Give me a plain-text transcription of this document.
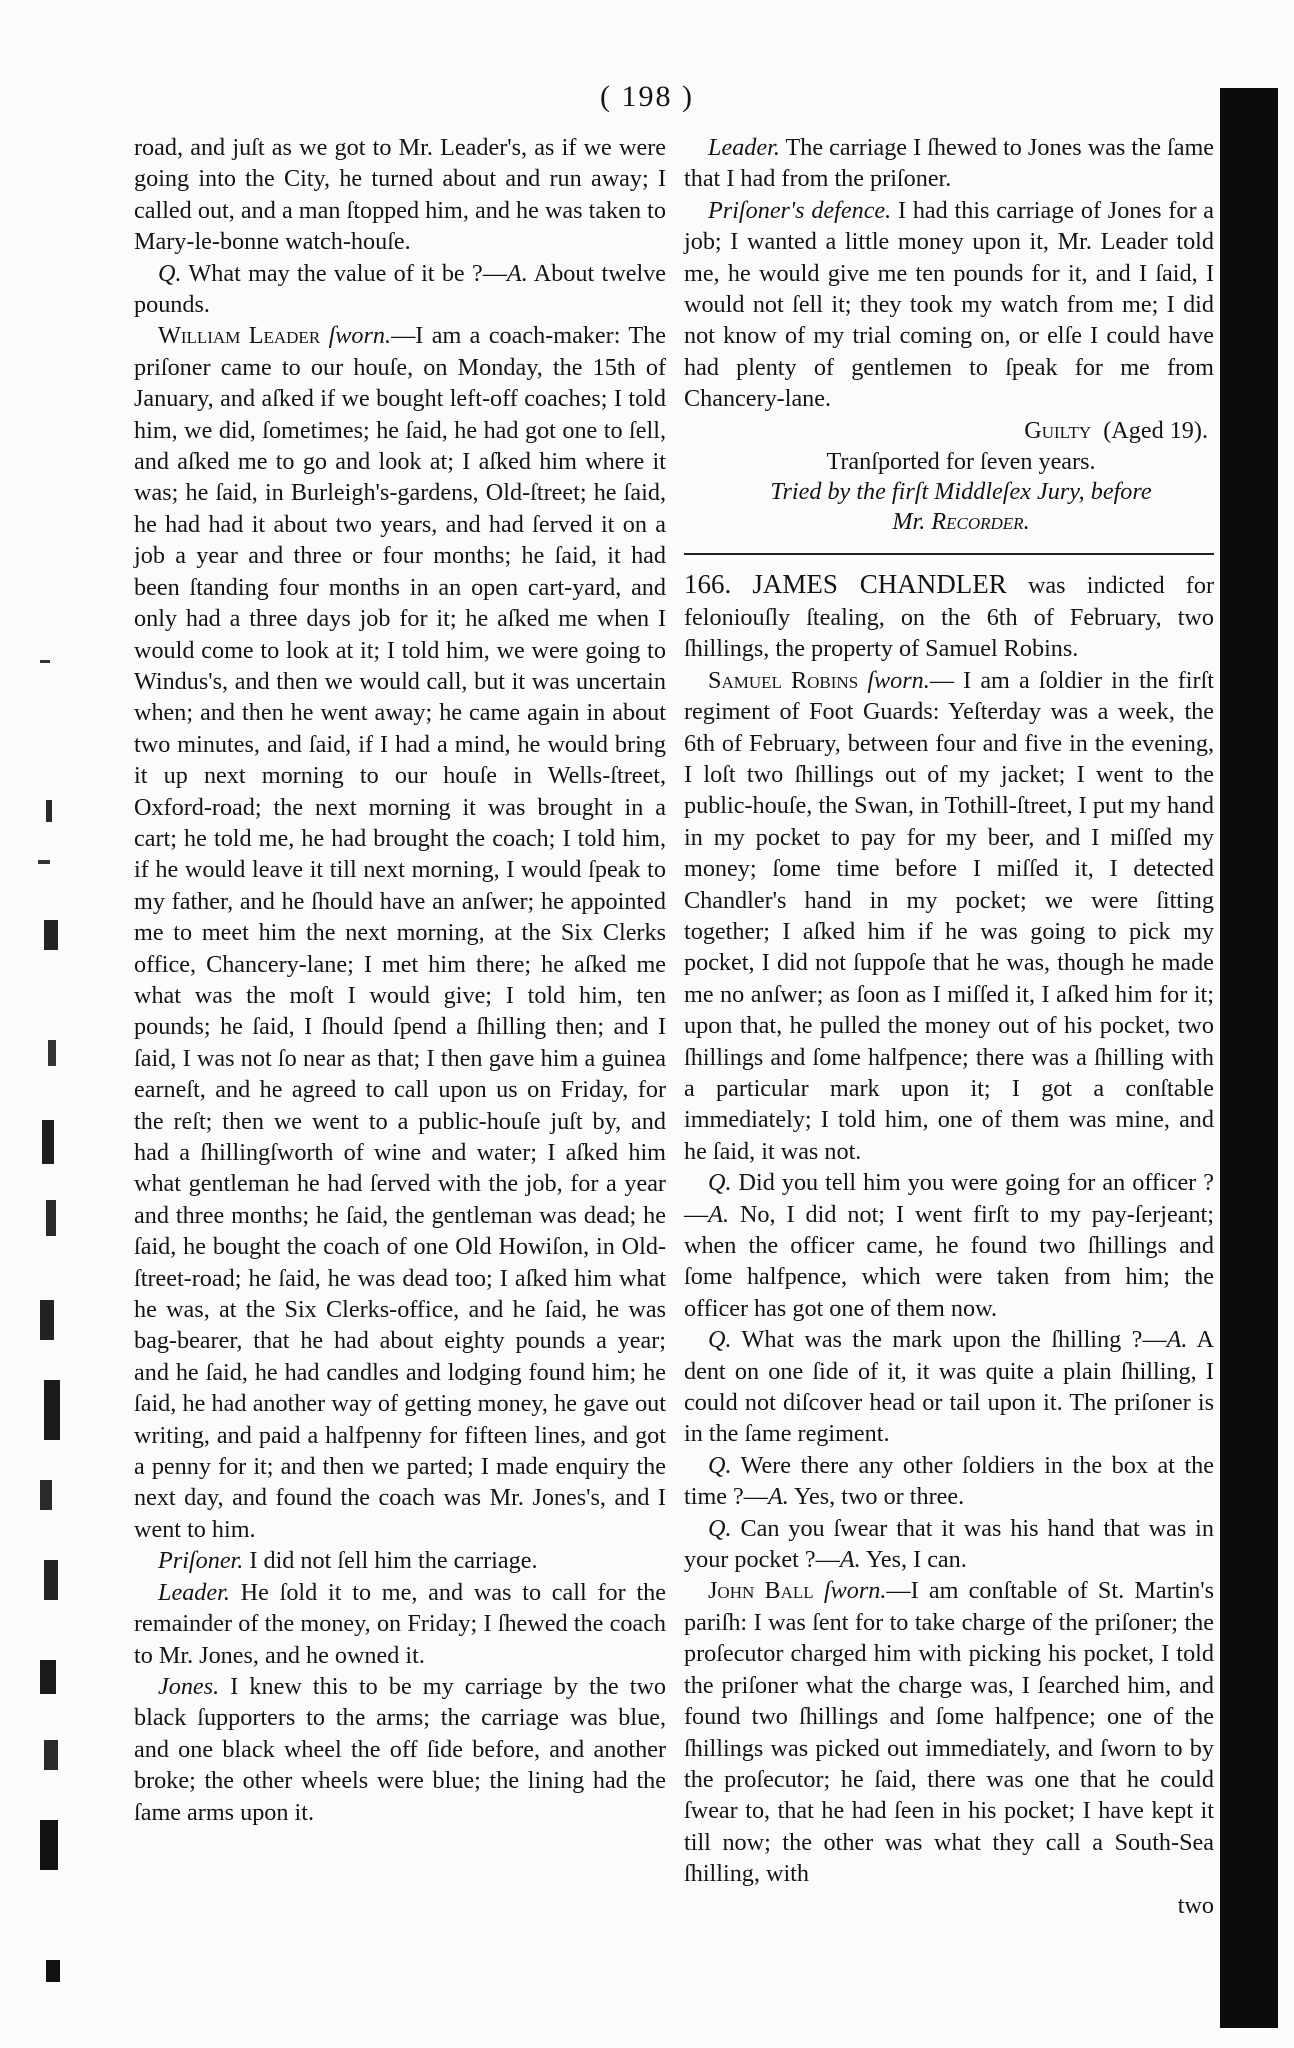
( 198 )

road, and juſt as we got to Mr. Leader's, as if we were going into the City, he turned about and run away; I called out, and a man ſtopped him, and he was taken to Mary-le-bonne watch-houſe.

Q. What may the value of it be ?—A. About twelve pounds.

William Leader ſworn.—I am a coach-maker: The priſoner came to our houſe, on Monday, the 15th of January, and aſked if we bought left-off coaches; I told him, we did, ſometimes; he ſaid, he had got one to ſell, and aſked me to go and look at; I aſked him where it was; he ſaid, in Burleigh's-gardens, Old-ſtreet; he ſaid, he had had it about two years, and had ſerved it on a job a year and three or four months; he ſaid, it had been ſtanding four months in an open cart-yard, and only had a three days job for it; he aſked me when I would come to look at it; I told him, we were going to Windus's, and then we would call, but it was uncertain when; and then he went away; he came again in about two minutes, and ſaid, if I had a mind, he would bring it up next morning to our houſe in Wells-ſtreet, Oxford-road; the next morning it was brought in a cart; he told me, he had brought the coach; I told him, if he would leave it till next morning, I would ſpeak to my father, and he ſhould have an anſwer; he appointed me to meet him the next morning, at the Six Clerks office, Chancery-lane; I met him there; he aſked me what was the moſt I would give; I told him, ten pounds; he ſaid, I ſhould ſpend a ſhilling then; and I ſaid, I was not ſo near as that; I then gave him a guinea earneſt, and he agreed to call upon us on Friday, for the reſt; then we went to a public-houſe juſt by, and had a ſhillingſworth of wine and water; I aſked him what gentleman he had ſerved with the job, for a year and three months; he ſaid, the gentleman was dead; he ſaid, he bought the coach of one Old Howiſon, in Old-ſtreet-road; he ſaid, he was dead too; I aſked him what he was, at the Six Clerks-office, and he ſaid, he was bag-bearer, that he had about eighty pounds a year; and he ſaid, he had candles and lodging found him; he ſaid, he had another way of getting money, he gave out writing, and paid a halfpenny for fifteen lines, and got a penny for it; and then we parted; I made enquiry the next day, and found the coach was Mr. Jones's, and I went to him.

Priſoner. I did not ſell him the carriage.

Leader. He ſold it to me, and was to call for the remainder of the money, on Friday; I ſhewed the coach to Mr. Jones, and he owned it.

Jones. I knew this to be my carriage by the two black ſupporters to the arms; the carriage was blue, and one black wheel the off ſide before, and another broke; the other wheels were blue; the lining had the ſame arms upon it.

Leader. The carriage I ſhewed to Jones was the ſame that I had from the priſoner.

Priſoner's defence. I had this carriage of Jones for a job; I wanted a little money upon it, Mr. Leader told me, he would give me ten pounds for it, and I ſaid, I would not ſell it; they took my watch from me; I did not know of my trial coming on, or elſe I could have had plenty of gentlemen to ſpeak for me from Chancery-lane.

Guilty (Aged 19).

Tranſported for ſeven years.

Tried by the firſt Middleſex Jury, before

Mr. Recorder.

166. JAMES CHANDLER was indicted for feloniouſly ſtealing, on the 6th of February, two ſhillings, the property of Samuel Robins.

Samuel Robins ſworn.— I am a ſoldier in the firſt regiment of Foot Guards: Yeſterday was a week, the 6th of February, between four and five in the evening, I loſt two ſhillings out of my jacket; I went to the public-houſe, the Swan, in Tothill-ſtreet, I put my hand in my pocket to pay for my beer, and I miſſed my money; ſome time before I miſſed it, I detected Chandler's hand in my pocket; we were ſitting together; I aſked him if he was going to pick my pocket, I did not ſuppoſe that he was, though he made me no anſwer; as ſoon as I miſſed it, I aſked him for it; upon that, he pulled the money out of his pocket, two ſhillings and ſome halfpence; there was a ſhilling with a particular mark upon it; I got a conſtable immediately; I told him, one of them was mine, and he ſaid, it was not.

Q. Did you tell him you were going for an officer ?—A. No, I did not; I went firſt to my pay-ſerjeant; when the officer came, he found two ſhillings and ſome halfpence, which were taken from him; the officer has got one of them now.

Q. What was the mark upon the ſhilling ?—A. A dent on one ſide of it, it was quite a plain ſhilling, I could not diſcover head or tail upon it. The priſoner is in the ſame regiment.

Q. Were there any other ſoldiers in the box at the time ?—A. Yes, two or three.

Q. Can you ſwear that it was his hand that was in your pocket ?—A. Yes, I can.

John Ball ſworn.—I am conſtable of St. Martin's pariſh: I was ſent for to take charge of the priſoner; the proſecutor charged him with picking his pocket, I told the priſoner what the charge was, I ſearched him, and found two ſhillings and ſome halfpence; one of the ſhillings was picked out immediately, and ſworn to by the proſecutor; he ſaid, there was one that he could ſwear to, that he had ſeen in his pocket; I have kept it till now; the other was what they call a South-Sea ſhilling, with

two
